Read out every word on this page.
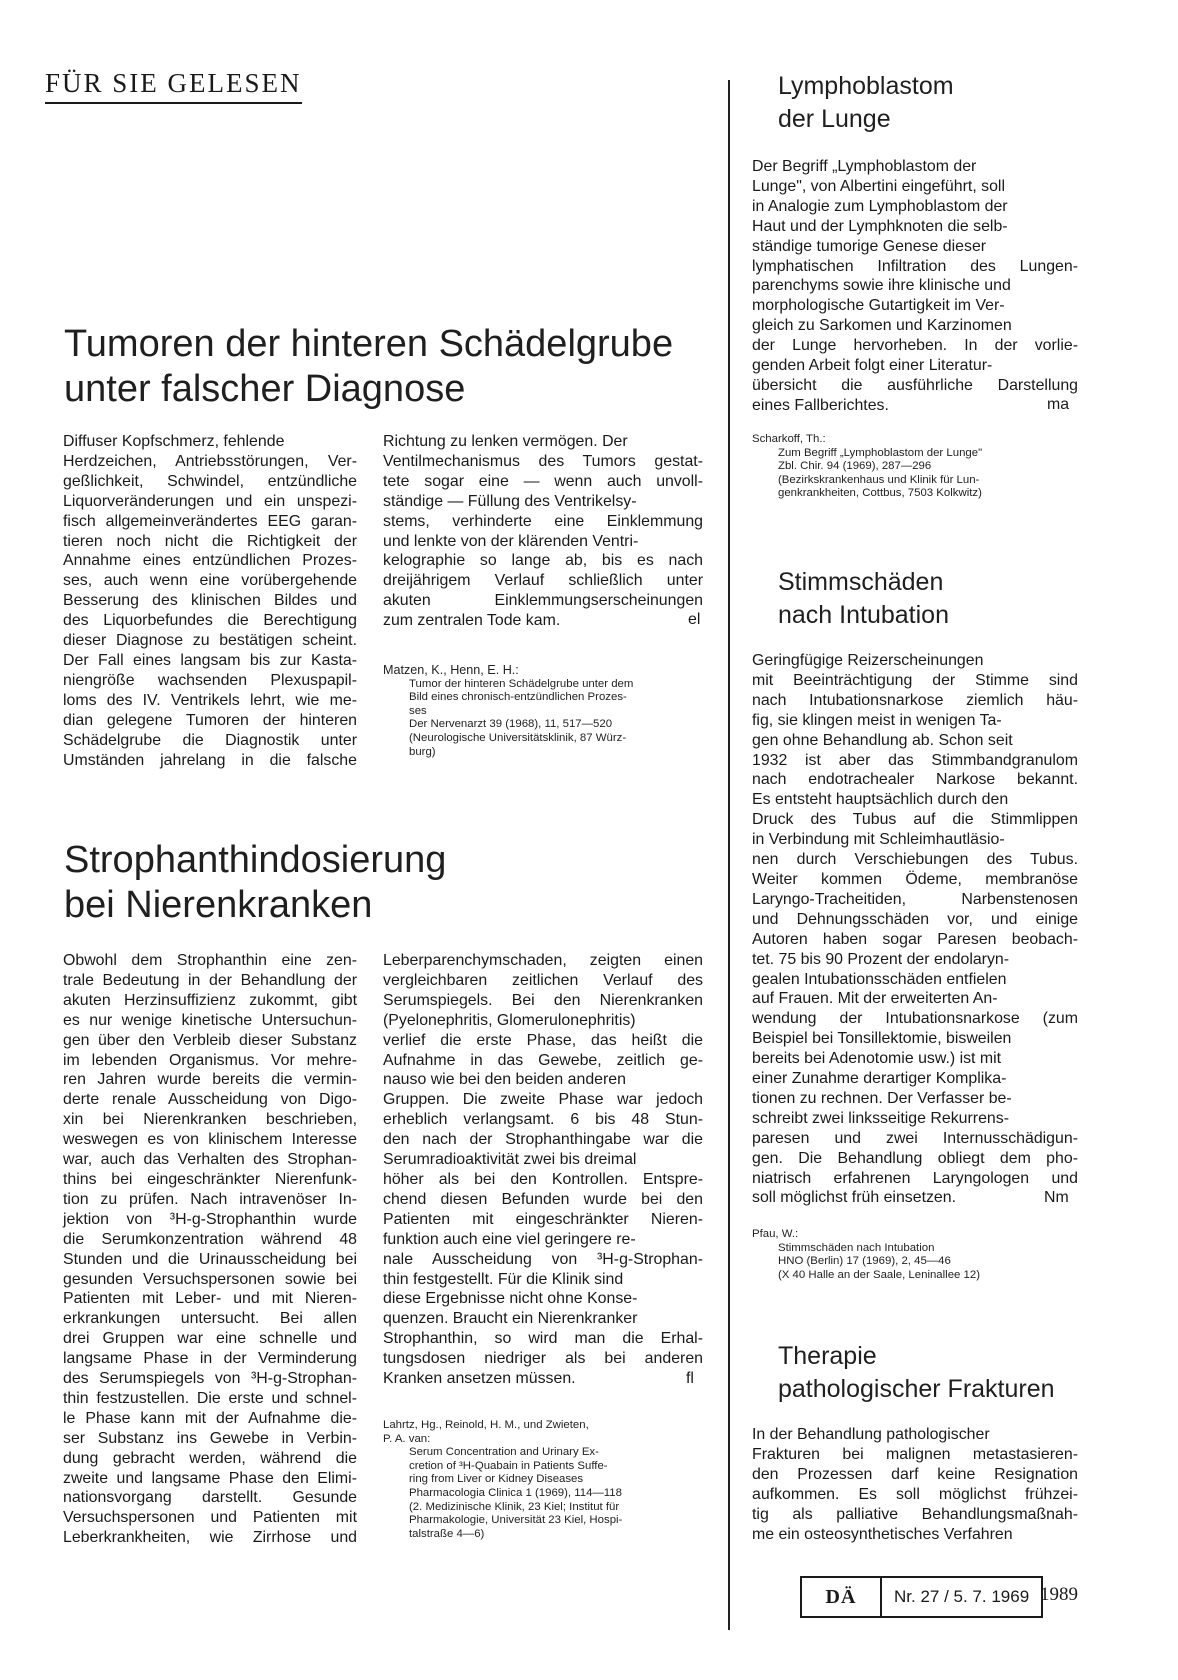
FÜR SIE GELESEN
Tumoren der hinteren Schädelgrube
unter falscher Diagnose
Diffuser Kopfschmerz, fehlende
Herdzeichen, Antriebsstörungen, Ver-
geßlichkeit, Schwindel, entzündliche
Liquorveränderungen und ein unspezi-
fisch allgemeinverändertes EEG garan-
tieren noch nicht die Richtigkeit der
Annahme eines entzündlichen Prozes-
ses, auch wenn eine vorübergehende
Besserung des klinischen Bildes und
des Liquorbefundes die Berechtigung
dieser Diagnose zu bestätigen scheint.
Der Fall eines langsam bis zur Kasta-
niengröße wachsenden Plexuspapil-
loms des IV. Ventrikels lehrt, wie me-
dian gelegene Tumoren der hinteren
Schädelgrube die Diagnostik unter
Umständen jahrelang in die falsche
Richtung zu lenken vermögen. Der
Ventilmechanismus des Tumors gestat-
tete sogar eine — wenn auch unvoll-
ständige — Füllung des Ventrikelsy-
stems, verhinderte eine Einklemmung
und lenkte von der klärenden Ventri-
kelographie so lange ab, bis es nach
dreijährigem Verlauf schließlich unter
akuten Einklemmungserscheinungen
zum zentralen Tode kam.	el
Matzen, K., Henn, E. H.:
Tumor der hinteren Schädelgrube unter dem
Bild eines chronisch-entzündlichen Prozes-
ses
Der Nervenarzt 39 (1968), 11, 517—520
(Neurologische Universitätsklinik, 87 Würz-
burg)
Strophanthindosierung
bei Nierenkranken
Obwohl dem Strophanthin eine zen-
trale Bedeutung in der Behandlung der
akuten Herzinsuffizienz zukommt, gibt
es nur wenige kinetische Untersuchun-
gen über den Verbleib dieser Substanz
im lebenden Organismus. Vor mehre-
ren Jahren wurde bereits die vermin-
derte renale Ausscheidung von Digo-
xin bei Nierenkranken beschrieben,
weswegen es von klinischem Interesse
war, auch das Verhalten des Strophan-
thins bei eingeschränkter Nierenfunk-
tion zu prüfen. Nach intravenöser In-
jektion von ³H-g-Strophanthin wurde
die Serumkonzentration während 48
Stunden und die Urinausscheidung bei
gesunden Versuchspersonen sowie bei
Patienten mit Leber- und mit Nieren-
erkrankungen untersucht. Bei allen
drei Gruppen war eine schnelle und
langsame Phase in der Verminderung
des Serumspiegels von ³H-g-Strophan-
thin festzustellen. Die erste und schnel-
le Phase kann mit der Aufnahme die-
ser Substanz ins Gewebe in Verbin-
dung gebracht werden, während die
zweite und langsame Phase den Elimi-
nationsvorgang darstellt. Gesunde
Versuchspersonen und Patienten mit
Leberkrankheiten, wie Zirrhose und
Leberparenchymschaden, zeigten einen
vergleichbaren zeitlichen Verlauf des
Serumspiegels. Bei den Nierenkranken
(Pyelonephritis, Glomerulonephritis)
verlief die erste Phase, das heißt die
Aufnahme in das Gewebe, zeitlich ge-
nauso wie bei den beiden anderen
Gruppen. Die zweite Phase war jedoch
erheblich verlangsamt. 6 bis 48 Stun-
den nach der Strophanthingabe war die
Serumradioaktivität zwei bis dreimal
höher als bei den Kontrollen. Entspre-
chend diesen Befunden wurde bei den
Patienten mit eingeschränkter Nieren-
funktion auch eine viel geringere re-
nale Ausscheidung von ³H-g-Strophan-
thin festgestellt. Für die Klinik sind
diese Ergebnisse nicht ohne Konse-
quenzen. Braucht ein Nierenkranker
Strophanthin, so wird man die Erhal-
tungsdosen niedriger als bei anderen
Kranken ansetzen müssen.	fl
Lahrtz, Hg., Reinold, H. M., und Zwieten,
P. A. van:
Serum Concentration and Urinary Ex-
cretion of ³H-Quabain in Patients Suffe-
ring from Liver or Kidney Diseases
Pharmacologia Clinica 1 (1969), 114—118
(2. Medizinische Klinik, 23 Kiel; Institut für
Pharmakologie, Universität 23 Kiel, Hospi-
talstraße 4—6)
Lymphoblastom
der Lunge
Der Begriff „Lymphoblastom der
Lunge", von Albertini eingeführt, soll
in Analogie zum Lymphoblastom der
Haut und der Lymphknoten die selb-
ständige tumorige Genese dieser
lymphatischen Infiltration des Lungen-
parenchyms sowie ihre klinische und
morphologische Gutartigkeit im Ver-
gleich zu Sarkomen und Karzinomen
der Lunge hervorheben. In der vorlie-
genden Arbeit folgt einer Literatur-
übersicht die ausführliche Darstellung
eines Fallberichtes.	ma
Scharkoff, Th.:
Zum Begriff „Lymphoblastom der Lunge"
Zbl. Chir. 94 (1969), 287—296
(Bezirkskrankenhaus und Klinik für Lun-
genkrankheiten, Cottbus, 7503 Kolkwitz)
Stimmschäden
nach Intubation
Geringfügige Reizerscheinungen
mit Beeinträchtigung der Stimme sind
nach Intubationsnarkose ziemlich häu-
fig, sie klingen meist in wenigen Ta-
gen ohne Behandlung ab. Schon seit
1932 ist aber das Stimmbandgranulom
nach endotrachealer Narkose bekannt.
Es entsteht hauptsächlich durch den
Druck des Tubus auf die Stimmlippen
in Verbindung mit Schleimhautläsio-
nen durch Verschiebungen des Tubus.
Weiter kommen Ödeme, membranöse
Laryngo-Tracheitiden, Narbenstenosen
und Dehnungsschäden vor, und einige
Autoren haben sogar Paresen beobach-
tet. 75 bis 90 Prozent der endolaryn-
gealen Intubationsschäden entfielen
auf Frauen. Mit der erweiterten An-
wendung der Intubationsnarkose (zum
Beispiel bei Tonsillektomie, bisweilen
bereits bei Adenotomie usw.) ist mit
einer Zunahme derartiger Komplika-
tionen zu rechnen. Der Verfasser be-
schreibt zwei linksseitige Rekurrens-
paresen und zwei Internusschädigun-
gen. Die Behandlung obliegt dem pho-
niatrisch erfahrenen Laryngologen und
soll möglichst früh einsetzen.	Nm
Pfau, W.:
Stimmschäden nach Intubation
HNO (Berlin) 17 (1969), 2, 45—46
(X 40 Halle an der Saale, Leninallee 12)
Therapie
pathologischer Frakturen
In der Behandlung pathologischer
Frakturen bei malignen metastasieren-
den Prozessen darf keine Resignation
aufkommen. Es soll möglichst frühzei-
tig als palliative Behandlungsmaßnah-
me ein osteosynthetisches Verfahren
DÄ	Nr. 27 / 5. 7. 1969 1989
